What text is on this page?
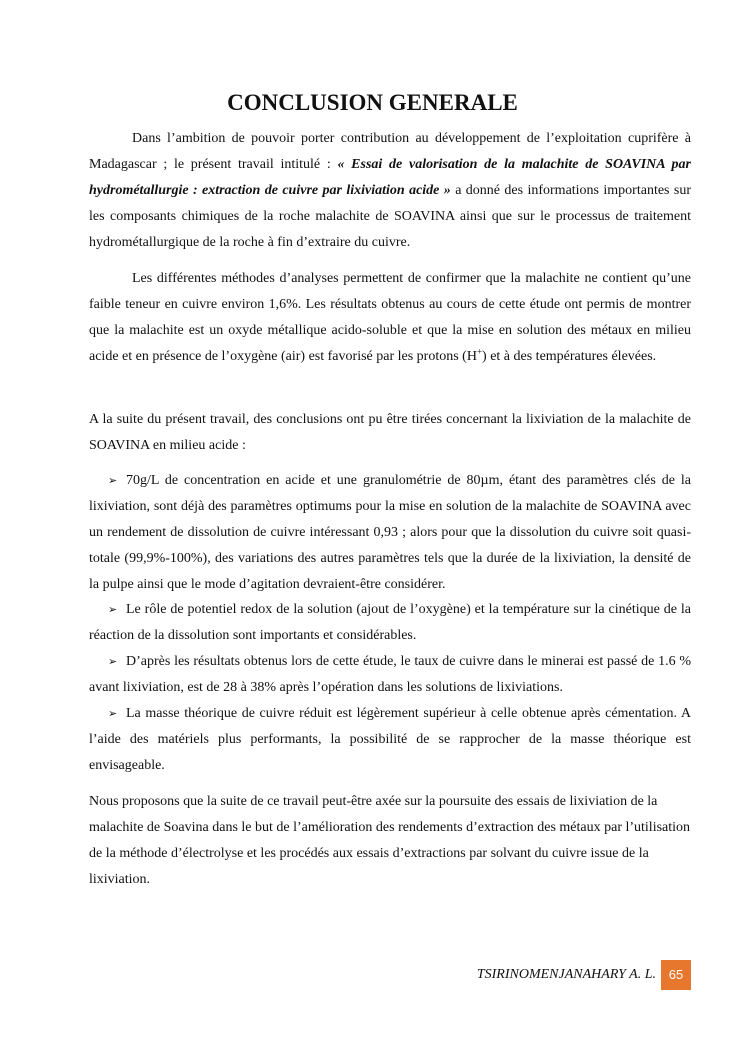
CONCLUSION GENERALE

Dans l’ambition de pouvoir porter contribution au développement de l’exploitation cuprifère à Madagascar ; le présent travail intitulé : « Essai de valorisation de la malachite de SOAVINA par hydrométallurgie : extraction de cuivre par lixiviation acide » a donné des informations importantes sur les composants chimiques de la roche malachite de SOAVINA ainsi que sur le processus de traitement hydrométallurgique de la roche à fin d’extraire du cuivre.

Les différentes méthodes d’analyses permettent de confirmer que la malachite ne contient qu’une faible teneur en cuivre environ 1,6%. Les résultats obtenus au cours de cette étude ont permis de montrer que la malachite est un oxyde métallique acido-soluble et que la mise en solution des métaux en milieu acide et en présence de l’oxygène (air) est favorisé par les protons (H+) et à des températures élevées.

A la suite du présent travail, des conclusions ont pu être tirées concernant la lixiviation de la malachite de SOAVINA en milieu acide :

➢ 70g/L de concentration en acide et une granulométrie de 80µm, étant des paramètres clés de la lixiviation, sont déjà des paramètres optimums pour la mise en solution de la malachite de SOAVINA avec un rendement de dissolution de cuivre intéressant 0,93 ; alors pour que la dissolution du cuivre soit quasi-totale (99,9%-100%), des variations des autres paramètres tels que la durée de la lixiviation, la densité de la pulpe ainsi que le mode d’agitation devraient-être considérer.

➢ Le rôle de potentiel redox de la solution (ajout de l’oxygène) et la température sur la cinétique de la réaction de la dissolution sont importants et considérables.

➢ D’après les résultats obtenus lors de cette étude, le taux de cuivre dans le minerai est passé de 1.6 % avant lixiviation, est de 28 à 38% après l’opération dans les solutions de lixiviations.

➢ La masse théorique de cuivre réduit est légèrement supérieur à celle obtenue après cémentation. A l’aide des matériels plus performants, la possibilité de se rapprocher de la masse théorique est envisageable.

Nous proposons que la suite de ce travail peut-être axée sur la poursuite des essais de lixiviation de la malachite de Soavina dans le but de l’amélioration des rendements d’extraction des métaux par l’utilisation de la méthode d’électrolyse et les procédés aux essais d’extractions par solvant du cuivre issue de la lixiviation.

TSIRINOMENJANAHARY A. L. 65
